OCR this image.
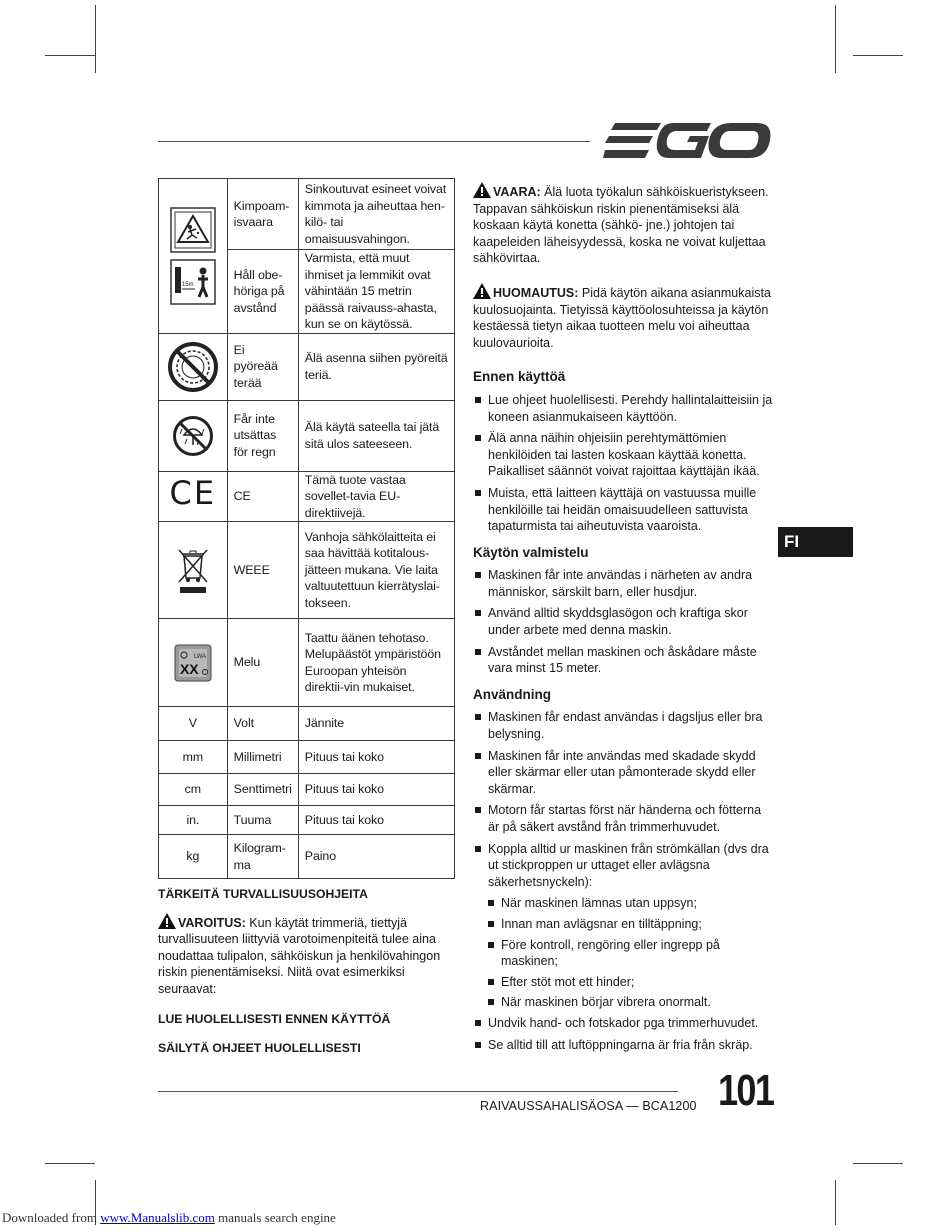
15m	Kimpoam-isvaara	Sinkoutuvat esineet voivat kimmota ja aiheuttaa hen-kilö- tai omaisuusvahingon.
	Håll obe-höriga på avstånd	Varmista, että muut ihmiset ja lemmikit ovat vähintään 15 metrin päässä raivauss-ahasta, kun se on käytössä.

	Ei pyöreää terää	Älä asenna siihen pyöreitä teriä.

	Får inte utsättas för regn	Älä käytä sateella tai jätä sitä ulos sateeseen.
CE	CE	Tämä tuote vastaa sovellet-tavia EU-direktiivejä.

	WEEE	Vanhoja sähkölaitteita ei saa hävittää kotitalous-jätteen mukana. Vie laita valtuutettuun kierrätyslai-tokseen.

LWA
XX	Melu	Taattu äänen tehotaso. Melupäästöt ympäristöön Euroopan yhteisön direktii-vin mukaiset.
V	Volt	Jännite
mm	Millimetri	Pituus tai koko
cm	Senttimetri	Pituus tai koko
in.	Tuuma	Pituus tai koko
kg	Kilogram-ma	Paino
TÄRKEITÄ TURVALLISUUSOHJEITA

VAROITUS: Kun käytät trimmeriä, tiettyjä turvallisuuteen liittyviä varotoimenpiteitä tulee aina noudattaa tulipalon, sähköiskun ja henkilövahingon riskin pienentämiseksi. Niitä ovat esimerkiksi seuraavat:

LUE HUOLELLISESTI ENNEN KÄYTTÖÄ
SÄILYTÄ OHJEET HUOLELLISESTI

VAARA: Älä luota työkalun sähköiskueristykseen. Tappavan sähköiskun riskin pienentämiseksi älä koskaan käytä konetta (sähkö- jne.) johtojen tai kaapeleiden läheisyydessä, koska ne voivat kuljettaa sähkövirtaa.

HUOMAUTUS: Pidä käytön aikana asianmukaista kuulosuojainta. Tietyissä käyttöolosuhteissa ja käytön kestäessä tietyn aikaa tuotteen melu voi aiheuttaa kuulovaurioita.

Ennen käyttöä
Lue ohjeet huolellisesti. Perehdy hallintalaitteisiin ja koneen asianmukaiseen käyttöön.
Älä anna näihin ohjeisiin perehtymättömien henkilöiden tai lasten koskaan käyttää konetta. Paikalliset säännöt voivat rajoittaa käyttäjän ikää.
Muista, että laitteen käyttäjä on vastuussa muille henkilöille tai heidän omaisuudelleen sattuvista tapaturmista tai aiheutuvista vaaroista.
Käytön valmistelu
Maskinen får inte användas i närheten av andra människor, särskilt barn, eller husdjur.
Använd alltid skyddsglasögon och kraftiga skor under arbete med denna maskin.
Avståndet mellan maskinen och åskådare måste vara minst 15 meter.
Användning
Maskinen får endast användas i dagsljus eller bra belysning.
Maskinen får inte användas med skadade skydd eller skärmar eller utan påmonterade skydd eller skärmar.
Motorn får startas först när händerna och fötterna är på säkert avstånd från trimmerhuvudet.
Koppla alltid ur maskinen från strömkällan (dvs dra ut stickproppen ur uttaget eller avlägsna säkerhetsnyckeln):
När maskinen lämnas utan uppsyn;
Innan man avlägsnar en tilltäppning;
Före kontroll, rengöring eller ingrepp på maskinen;
Efter stöt mot ett hinder;
När maskinen börjar vibrera onormalt.
Undvik hand- och fotskador pga trimmerhuvudet.
Se alltid till att luftöppningarna är fria från skräp.
FI
RAIVAUSSAHALISÄOSA — BCA1200 101
Downloaded from www.Manualslib.com manuals search engine
